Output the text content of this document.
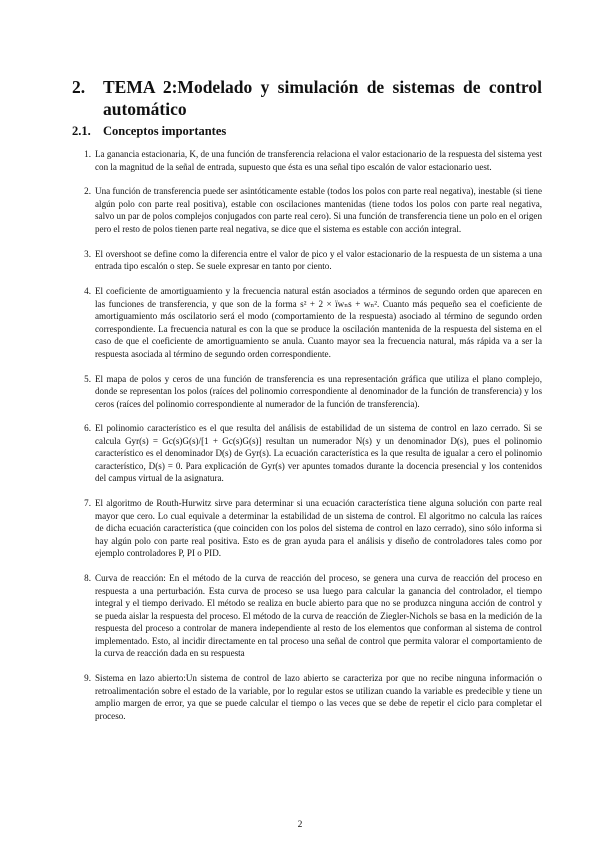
2.	TEMA 2:Modelado y simulación de sistemas de control automático
2.1. Conceptos importantes
1 . La ganancia estacionaria, K, de una función de transferencia relaciona el valor estacionario de la respuesta del sistema yest con la magnitud de la señal de entrada, supuesto que ésta es una señal tipo escalón de valor estacionario uest.
2 . Una función de transferencia puede ser asintóticamente estable (todos los polos con parte real negativa), inestable (si tiene algún polo con parte real positiva), estable con oscilaciones mantenidas (tiene todos los polos con parte real negativa, salvo un par de polos complejos conjugados con parte real cero). Si una función de transferencia tiene un polo en el origen pero el resto de polos tienen parte real negativa, se dice que el sistema es estable con acción integral.
3 . El overshoot se define como la diferencia entre el valor de pico y el valor estacionario de la respuesta de un sistema a una entrada tipo escalón o step. Se suele expresar en tanto por ciento.
4 . El coeficiente de amortiguamiento y la frecuencia natural están asociados a términos de segundo orden que aparecen en las funciones de transferencia, y que son de la forma s² + 2 × ïwₙs + wₙ². Cuanto más pequeño sea el coeficiente de amortiguamiento más oscilatorio será el modo (comportamiento de la respuesta) asociado al término de segundo orden correspondiente. La frecuencia natural es con la que se produce la oscilación mantenida de la respuesta del sistema en el caso de que el coeficiente de amortiguamiento se anula. Cuanto mayor sea la frecuencia natural, más rápida va a ser la respuesta asociada al término de segundo orden correspondiente.
5 . El mapa de polos y ceros de una función de transferencia es una representación gráfica que utiliza el plano complejo, donde se representan los polos (raíces del polinomio correspondiente al denominador de la función de transferencia) y los ceros (raíces del polinomio correspondiente al numerador de la función de transferencia).
6 . El polinomio característico es el que resulta del análisis de estabilidad de un sistema de control en lazo cerrado. Si se calcula Gyr(s) = Gc(s)G(s)/[1 + Gc(s)G(s)] resultan un numerador N(s) y un denominador D(s), pues el polinomio característico es el denominador D(s) de Gyr(s). La ecuación característica es la que resulta de igualar a cero el polinomio característico, D(s) = 0. Para explicación de Gyr(s) ver apuntes tomados durante la docencia presencial y los contenidos del campus virtual de la asignatura.
7 . El algoritmo de Routh-Hurwitz sirve para determinar si una ecuación característica tiene alguna solución con parte real mayor que cero. Lo cual equivale a determinar la estabilidad de un sistema de control. El algoritmo no calcula las raíces de dicha ecuación característica (que coinciden con los polos del sistema de control en lazo cerrado), sino sólo informa si hay algún polo con parte real positiva. Esto es de gran ayuda para el análisis y diseño de controladores tales como por ejemplo controladores P, PI o PID.
8 . Curva de reacción: En el método de la curva de reacción del proceso, se genera una curva de reacción del proceso en respuesta a una perturbación. Esta curva de proceso se usa luego para calcular la ganancia del controlador, el tiempo integral y el tiempo derivado. El método se realiza en bucle abierto para que no se produzca ninguna acción de control y se pueda aislar la respuesta del proceso. El método de la curva de reacción de Ziegler-Nichols se basa en la medición de la respuesta del proceso a controlar de manera independiente al resto de los elementos que conforman al sistema de control implementado. Esto, al incidir directamente en tal proceso una señal de control que permita valorar el comportamiento de la curva de reacción dada en su respuesta
9 . Sistema en lazo abierto:Un sistema de control de lazo abierto se caracteriza por que no recibe ninguna información o retroalimentación sobre el estado de la variable, por lo regular estos se utilizan cuando la variable es predecible y tiene un amplio margen de error, ya que se puede calcular el tiempo o las veces que se debe de repetir el ciclo para completar el proceso.
2
